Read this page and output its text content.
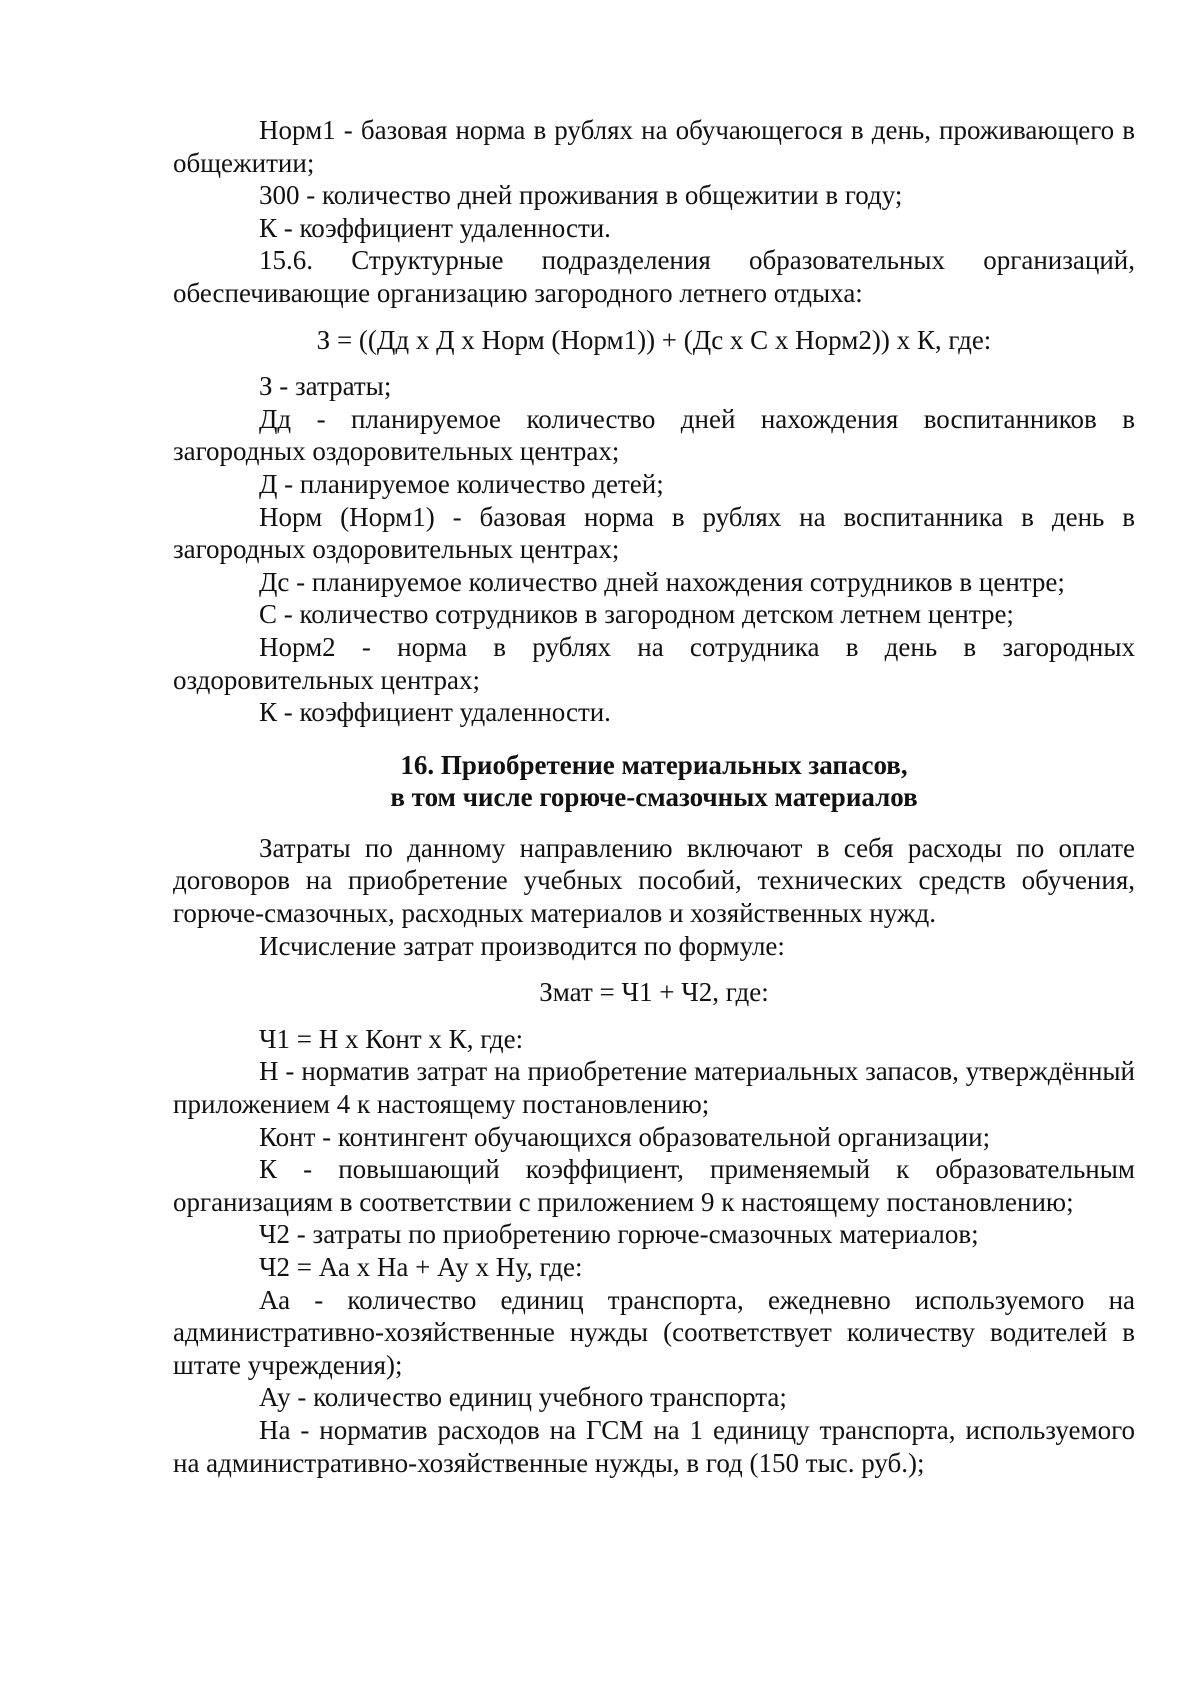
Норм1 - базовая норма в рублях на обучающегося в день, проживающего в общежитии;

300 - количество дней проживания в общежитии в году;

К - коэффициент удаленности.

15.6. Структурные подразделения образовательных организаций, обеспечивающие организацию загородного летнего отдыха:

З = ((Дд х Д х Норм (Норм1)) + (Дс х С х Норм2)) х К, где:

З - затраты;

Дд - планируемое количество дней нахождения воспитанников в загородных оздоровительных центрах;

Д - планируемое количество детей;

Норм (Норм1) - базовая норма в рублях на воспитанника в день в загородных оздоровительных центрах;

Дс - планируемое количество дней нахождения сотрудников в центре;

С - количество сотрудников в загородном детском летнем центре;

Норм2 - норма в рублях на сотрудника в день в загородных оздоровительных центрах;

К - коэффициент удаленности.

16. Приобретение материальных запасов,
в том числе горюче-смазочных материалов

Затраты по данному направлению включают в себя расходы по оплате договоров на приобретение учебных пособий, технических средств обучения, горюче-смазочных, расходных материалов и хозяйственных нужд.

Исчисление затрат производится по формуле:

Змат = Ч1 + Ч2, где:

Ч1 = Н х Конт х К, где:

Н - норматив затрат на приобретение материальных запасов, утверждённый приложением 4 к настоящему постановлению;

Конт - контингент обучающихся образовательной организации;

К - повышающий коэффициент, применяемый к образовательным организациям в соответствии с приложением 9 к настоящему постановлению;

Ч2 - затраты по приобретению горюче-смазочных материалов;

Ч2 = Аа х На + Ау х Ну, где:

Аа - количество единиц транспорта, ежедневно используемого на административно-хозяйственные нужды (соответствует количеству водителей в штате учреждения);

Ау - количество единиц учебного транспорта;

На - норматив расходов на ГСМ на 1 единицу транспорта, используемого на административно-хозяйственные нужды, в год (150 тыс. руб.);
